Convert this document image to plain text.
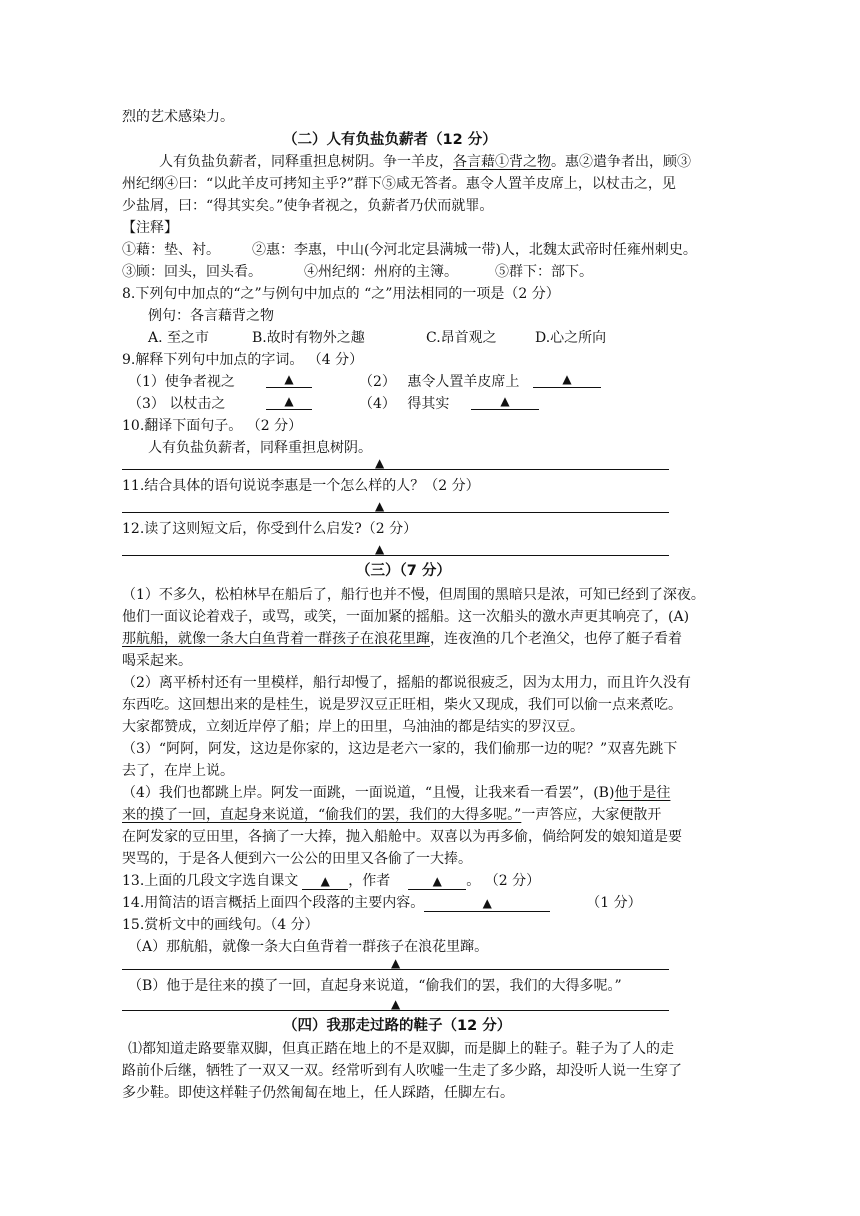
烈的艺术感染力。
（二）人有负盐负薪者（12 分）
人有负盐负薪者，同释重担息树阴。争一羊皮，各言藉①背之物。惠②遣争者出，顾③
州纪纲④曰：“以此羊皮可拷知主乎?”群下⑤咸无答者。惠令人置羊皮席上，以杖击之，见
少盐屑，曰：“得其实矣。”使争者视之，负薪者乃伏而就罪。
【注释】
①藉：垫、衬。 ②惠：李惠，中山(今河北定县满城一带)人，北魏太武帝时任雍州刺史。
③顾：回头，回头看。	④州纪纲：州府的主簿。	⑤群下：部下。
8.下列句中加点的“之”与例句中加点的 “之”用法相同的一项是（2 分）
例句：各言藉背之物
A. 至之市	B.故时有物外之趣	C.昂首观之	D.心之所向
9.解释下列句中加点的字词。 （4 分）
（1）使争者视之	▲	（2）　 惠令人置羊皮席上	▲
（3） 以杖击之	▲	（4）　 得其实	▲
10.翻译下面句子。 （2 分）
人有负盐负薪者，同释重担息树阴。
▲
11.结合具体的语句说说李惠是一个怎么样的人？（2 分）
▲
12.读了这则短文后，你受到什么启发?（2 分）
▲
（三）（7 分）
（1）不多久，松柏林早在船后了，船行也并不慢，但周围的黑暗只是浓，可知已经到了深夜。
他们一面议论着戏子，或骂，或笑，一面加紧的摇船。这一次船头的激水声更其响亮了，(A)
那航船，就像一条大白鱼背着一群孩子在浪花里蹿，连夜渔的几个老渔父，也停了艇子看着
喝采起来。
（2）离平桥村还有一里模样，船行却慢了，摇船的都说很疲乏，因为太用力，而且许久没有
东西吃。这回想出来的是桂生，说是罗汉豆正旺相，柴火又现成，我们可以偷一点来煮吃。
大家都赞成，立刻近岸停了船；岸上的田里，乌油油的都是结实的罗汉豆。
（3）“阿阿，阿发，这边是你家的，这边是老六一家的，我们偷那一边的呢？”双喜先跳下
去了，在岸上说。
（4）我们也都跳上岸。阿发一面跳，一面说道，“且慢，让我来看一看罢”，(B)他于是往
来的摸了一回，直起身来说道，“偷我们的罢，我们的大得多呢。”一声答应，大家便散开
在阿发家的豆田里，各摘了一大捧，抛入船舱中。双喜以为再多偷，倘给阿发的娘知道是要
哭骂的，于是各人便到六一公公的田里又各偷了一大捧。
13.上面的几段文字选自课文 ▲ ，作者	▲ 。 （2 分）
14.用简洁的语言概括上面四个段落的主要内容。	▲	（1 分）
15.赏析文中的画线句。（4 分）
（A）那航船，就像一条大白鱼背着一群孩子在浪花里蹿。
▲
（B）他于是往来的摸了一回，直起身来说道，“偷我们的罢，我们的大得多呢。”
▲
（四）我那走过路的鞋子（12 分）
⑴都知道走路要靠双脚，但真正踏在地上的不是双脚，而是脚上的鞋子。鞋子为了人的走
路前仆后继，牺牲了一双又一双。经常听到有人吹嘘一生走了多少路，却没听人说一生穿了
多少鞋。即使这样鞋子仍然匍匐在地上，任人踩踏，任脚左右。
